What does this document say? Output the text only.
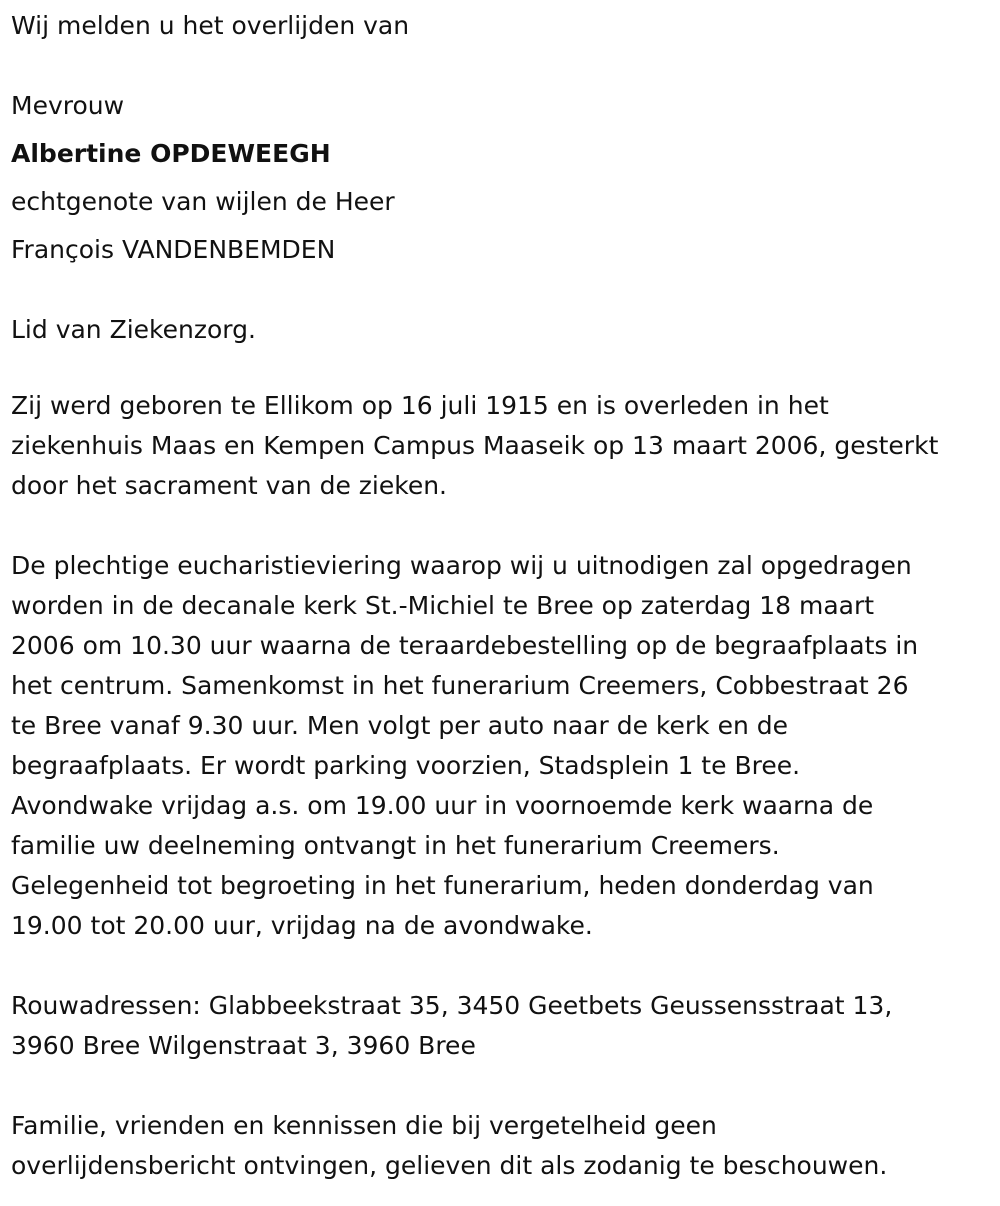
Wij melden u het overlijden van

Mevrouw

Albertine OPDEWEEGH

echtgenote van wijlen de Heer

François VANDENBEMDEN

Lid van Ziekenzorg.

Zij werd geboren te Ellikom op 16 juli 1915 en is overleden in het
ziekenhuis Maas en Kempen Campus Maaseik op 13 maart 2006, gesterkt
door het sacrament van de zieken.
De plechtige eucharistieviering waarop wij u uitnodigen zal opgedragen
worden in de decanale kerk St.-Michiel te Bree op zaterdag 18 maart
2006 om 10.30 uur waarna de teraardebestelling op de begraafplaats in
het centrum. Samenkomst in het funerarium Creemers, Cobbestraat 26
te Bree vanaf 9.30 uur. Men volgt per auto naar de kerk en de
begraafplaats. Er wordt parking voorzien, Stadsplein 1 te Bree.
Avondwake vrijdag a.s. om 19.00 uur in voornoemde kerk waarna de
familie uw deelneming ontvangt in het funerarium Creemers.
Gelegenheid tot begroeting in het funerarium, heden donderdag van
19.00 tot 20.00 uur, vrijdag na de avondwake.
Rouwadressen: Glabbeekstraat 35, 3450 Geetbets Geussensstraat 13,
3960 Bree Wilgenstraat 3, 3960 Bree
Familie, vrienden en kennissen die bij vergetelheid geen
overlijdensbericht ontvingen, gelieven dit als zodanig te beschouwen.
